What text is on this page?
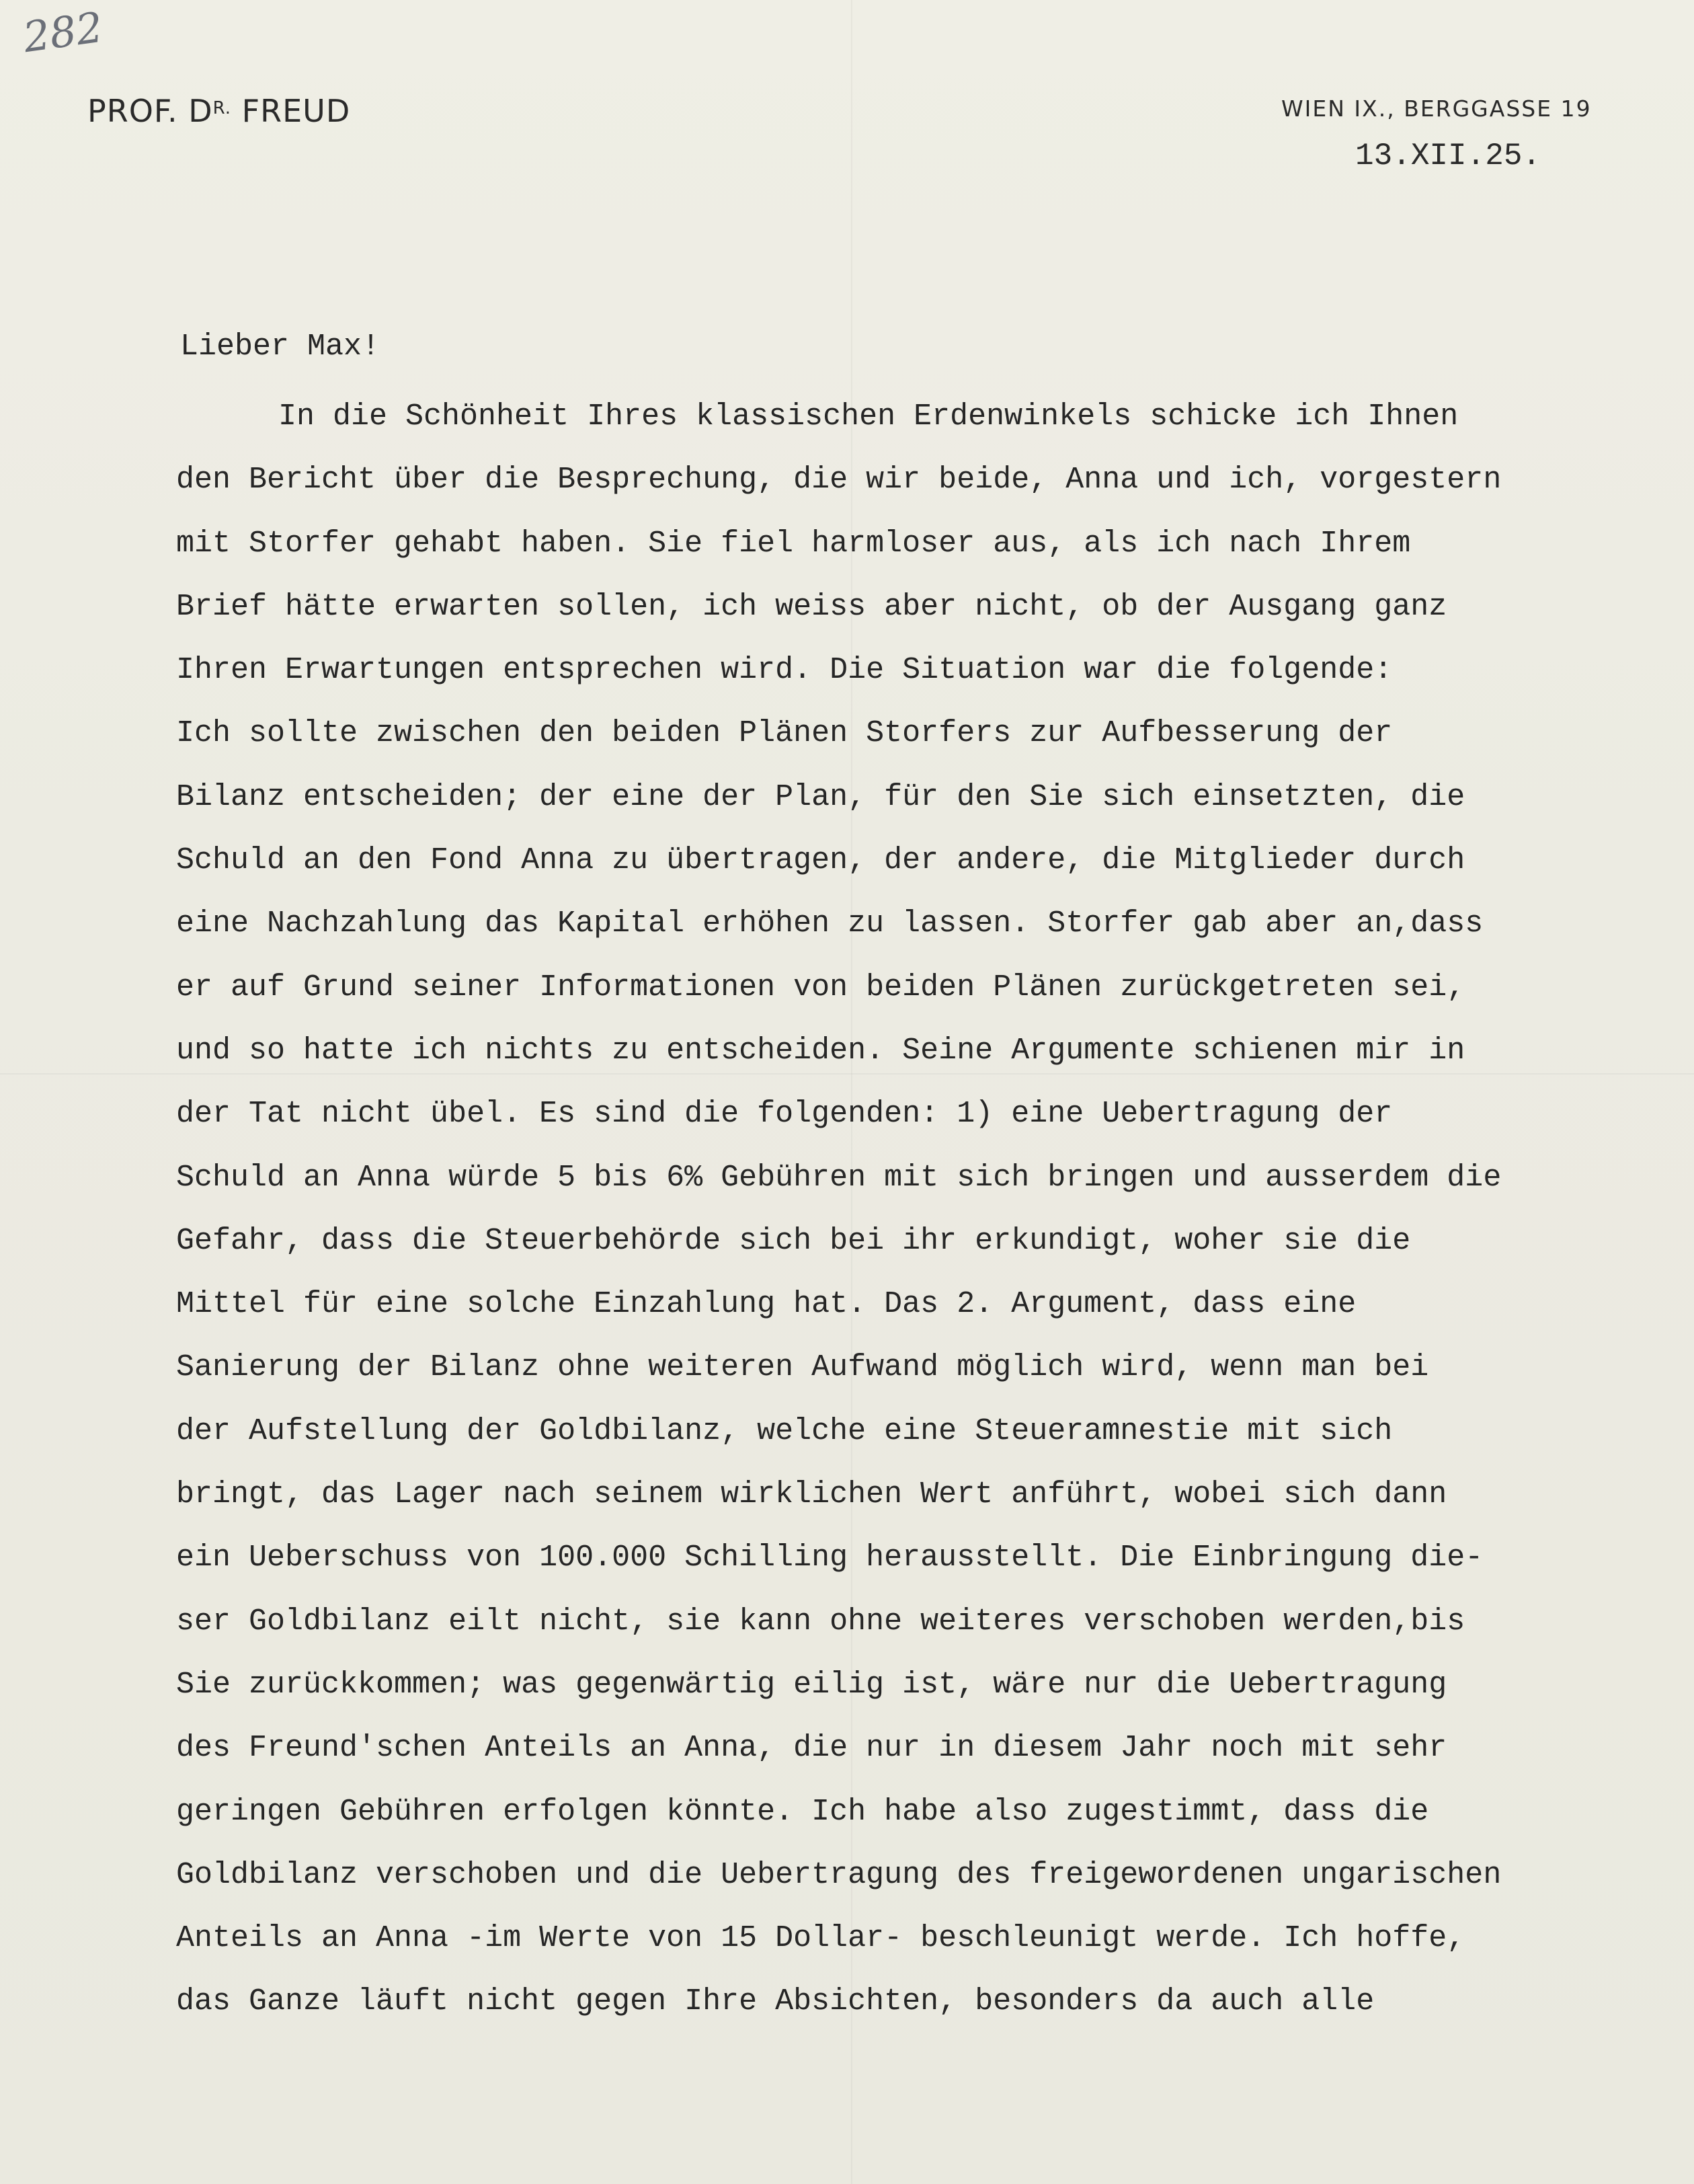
282
PROF. $D^{R.}$ FREUD	WIEN IX., BERGGASSE 19
13.XII.25.
Lieber Max!
In die Schönheit Ihres klassischen Erdenwinkels schicke ich Ihnen
den Bericht über die Besprechung, die wir beide, Anna und ich, vorgestern
mit Storfer gehabt haben. Sie fiel harmloser aus, als ich nach Ihrem
Brief hätte erwarten sollen, ich weiss aber nicht, ob der Ausgang ganz
Ihren Erwartungen entsprechen wird. Die Situation war die folgende:
Ich sollte zwischen den beiden Plänen Storfers zur Aufbesserung der
Bilanz entscheiden; der eine der Plan, für den Sie sich einsetzten, die
Schuld an den Fond Anna zu übertragen, der andere, die Mitglieder durch
eine Nachzahlung das Kapital erhöhen zu lassen. Storfer gab aber an,dass
er auf Grund seiner Informationen von beiden Plänen zurückgetreten sei,
und so hatte ich nichts zu entscheiden. Seine Argumente schienen mir in
der Tat nicht übel. Es sind die folgenden: 1) eine Uebertragung der
Schuld an Anna würde 5 bis 6% Gebühren mit sich bringen und ausserdem die
Gefahr, dass die Steuerbehörde sich bei ihr erkundigt, woher sie die
Mittel für eine solche Einzahlung hat. Das 2. Argument, dass eine
Sanierung der Bilanz ohne weiteren Aufwand möglich wird, wenn man bei
der Aufstellung der Goldbilanz, welche eine Steueramnestie mit sich
bringt, das Lager nach seinem wirklichen Wert anführt, wobei sich dann
ein Ueberschuss von 100.000 Schilling herausstellt. Die Einbringung die-
ser Goldbilanz eilt nicht, sie kann ohne weiteres verschoben werden,bis
Sie zurückkommen; was gegenwärtig eilig ist, wäre nur die Uebertragung
des Freund'schen Anteils an Anna, die nur in diesem Jahr noch mit sehr
geringen Gebühren erfolgen könnte. Ich habe also zugestimmt, dass die
Goldbilanz verschoben und die Uebertragung des freigewordenen ungarischen
Anteils an Anna -im Werte von 15 Dollar- beschleunigt werde. Ich hoffe,
das Ganze läuft nicht gegen Ihre Absichten, besonders da auch alle
